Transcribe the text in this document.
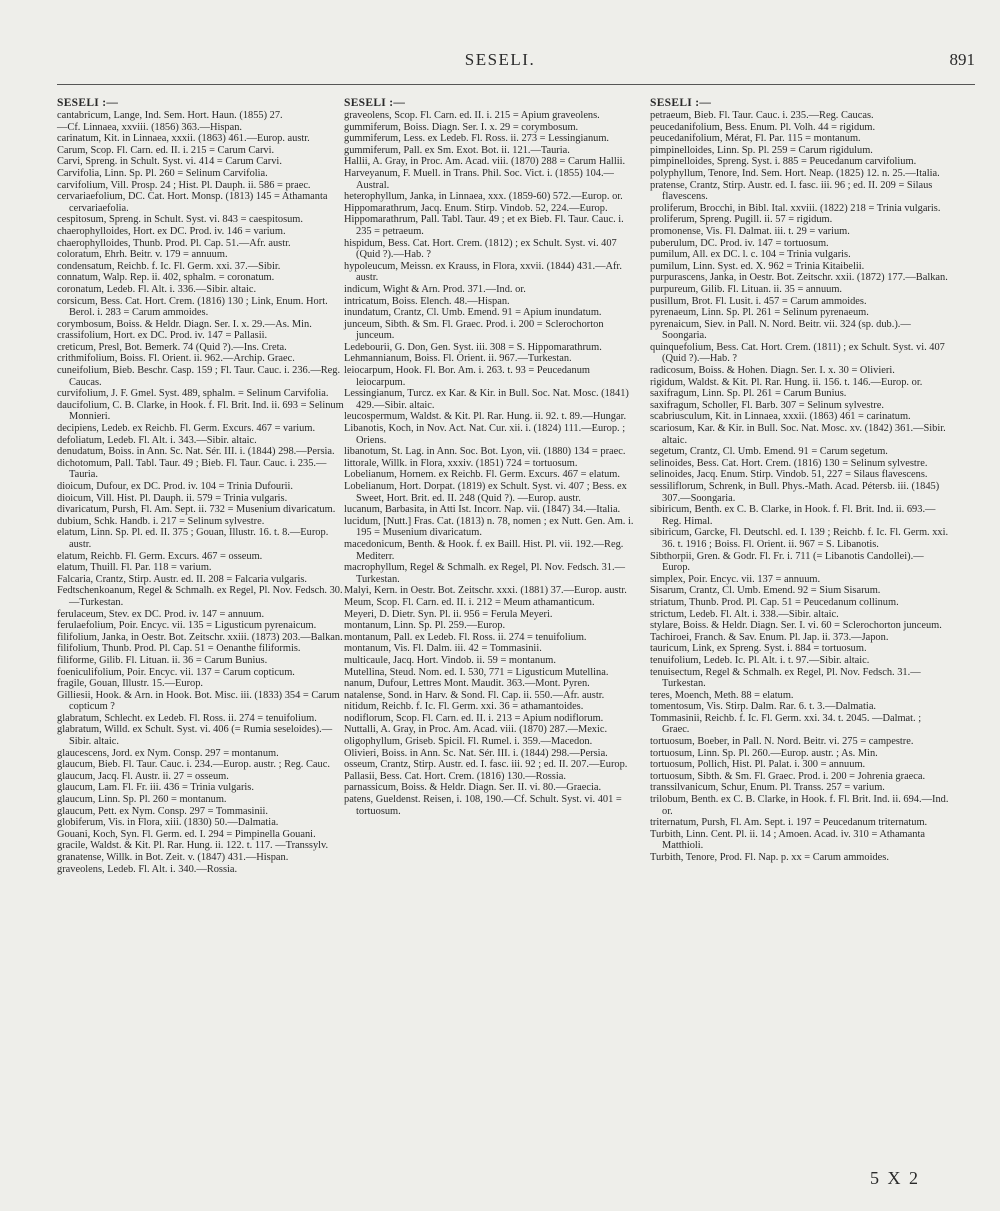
SESELI.	891
SESELI :—

cantabricum, Lange, Ind. Sem. Hort. Haun. (1855) 27.

—Cf. Linnaea, xxviii. (1856) 363.—Hispan.

carinatum, Kit. in Linnaea, xxxii. (1863) 461.—Europ. austr.

Carum, Scop. Fl. Carn. ed. II. i. 215 = Carum Carvi.

Carvi, Spreng. in Schult. Syst. vi. 414 = Carum Carvi.

Carvifolia, Linn. Sp. Pl. 260 = Selinum Carvifolia.

carvifolium, Vill. Prosp. 24 ; Hist. Pl. Dauph. ii. 586 = praec.

cervariaefolium, DC. Cat. Hort. Monsp. (1813) 145 = Athamanta cervariaefolia.

cespitosum, Spreng. in Schult. Syst. vi. 843 = caespitosum.

chaerophylloides, Hort. ex DC. Prod. iv. 146 = varium.

chaerophylloides, Thunb. Prod. Pl. Cap. 51.—Afr. austr.

coloratum, Ehrh. Beitr. v. 179 = annuum.

condensatum, Reichb. f. Ic. Fl. Germ. xxi. 37.—Sibir.

connatum, Walp. Rep. ii. 402, sphalm. = coronatum.

coronatum, Ledeb. Fl. Alt. i. 336.—Sibir. altaic.

corsicum, Bess. Cat. Hort. Crem. (1816) 130 ; Link, Enum. Hort. Berol. i. 283 = Carum ammoides.

corymbosum, Boiss. & Heldr. Diagn. Ser. I. x. 29.—As. Min.

crassifolium, Hort. ex DC. Prod. iv. 147 = Pallasii.

creticum, Presl, Bot. Bemerk. 74 (Quid ?).—Ins. Creta.

crithmifolium, Boiss. Fl. Orient. ii. 962.—Archip. Graec.

cuneifolium, Bieb. Beschr. Casp. 159 ; Fl. Taur. Cauc. i. 236.—Reg. Caucas.

curvifolium, J. F. Gmel. Syst. 489, sphalm. = Selinum Carvifolia.

daucifolium, C. B. Clarke, in Hook. f. Fl. Brit. Ind. ii. 693 = Selinum Monnieri.

decipiens, Ledeb. ex Reichb. Fl. Germ. Excurs. 467 = varium.

defoliatum, Ledeb. Fl. Alt. i. 343.—Sibir. altaic.

denudatum, Boiss. in Ann. Sc. Nat. Sér. III. i. (1844) 298.—Persia.

dichotomum, Pall. Tabl. Taur. 49 ; Bieb. Fl. Taur. Cauc. i. 235.—Tauria.

dioicum, Dufour, ex DC. Prod. iv. 104 = Trinia Dufourii.

dioicum, Vill. Hist. Pl. Dauph. ii. 579 = Trinia vulgaris.

divaricatum, Pursh, Fl. Am. Sept. ii. 732 = Musenium divaricatum.

dubium, Schk. Handb. i. 217 = Selinum sylvestre.

elatum, Linn. Sp. Pl. ed. II. 375 ; Gouan, Illustr. 16. t. 8.—Europ. austr.

elatum, Reichb. Fl. Germ. Excurs. 467 = osseum.

elatum, Thuill. Fl. Par. 118 = varium.

Falcaria, Crantz, Stirp. Austr. ed. II. 208 = Falcaria vulgaris.

Fedtschenkoanum, Regel & Schmalh. ex Regel, Pl. Nov. Fedsch. 30.—Turkestan.

ferulaceum, Stev. ex DC. Prod. iv. 147 = annuum.

ferulaefolium, Poir. Encyc. vii. 135 = Ligusticum pyrenaicum.

filifolium, Janka, in Oestr. Bot. Zeitschr. xxiii. (1873) 203.—Balkan.

filifolium, Thunb. Prod. Pl. Cap. 51 = Oenanthe filiformis.

filiforme, Gilib. Fl. Lituan. ii. 36 = Carum Bunius.

foeniculifolium, Poir. Encyc. vii. 137 = Carum copticum.

fragile, Gouan, Illustr. 15.—Europ.

Gilliesii, Hook. & Arn. in Hook. Bot. Misc. iii. (1833) 354 = Carum copticum ?

glabratum, Schlecht. ex Ledeb. Fl. Ross. ii. 274 = tenuifolium.

glabratum, Willd. ex Schult. Syst. vi. 406 (= Rumia seseloides).—Sibir. altaic.

glaucescens, Jord. ex Nym. Consp. 297 = montanum.

glaucum, Bieb. Fl. Taur. Cauc. i. 234.—Europ. austr. ; Reg. Cauc.

glaucum, Jacq. Fl. Austr. ii. 27 = osseum.

glaucum, Lam. Fl. Fr. iii. 436 = Trinia vulgaris.

glaucum, Linn. Sp. Pl. 260 = montanum.

glaucum, Pett. ex Nym. Consp. 297 = Tommasinii.

globiferum, Vis. in Flora, xiii. (1830) 50.—Dalmatia.

Gouani, Koch, Syn. Fl. Germ. ed. I. 294 = Pimpinella Gouani.

gracile, Waldst. & Kit. Pl. Rar. Hung. ii. 122. t. 117. —Transsylv.

granatense, Willk. in Bot. Zeit. v. (1847) 431.—Hispan.

graveolens, Ledeb. Fl. Alt. i. 340.—Rossia.

SESELI :—

graveolens, Scop. Fl. Carn. ed. II. i. 215 = Apium graveolens.

gummiferum, Boiss. Diagn. Ser. I. x. 29 = corymbosum.

gummiferum, Less. ex Ledeb. Fl. Ross. ii. 273 = Lessingianum.

gummiferum, Pall. ex Sm. Exot. Bot. ii. 121.—Tauria.

Hallii, A. Gray, in Proc. Am. Acad. viii. (1870) 288 = Carum Hallii.

Harveyanum, F. Muell. in Trans. Phil. Soc. Vict. i. (1855) 104.—Austral.

heterophyllum, Janka, in Linnaea, xxx. (1859-60) 572.—Europ. or.

Hippomarathrum, Jacq. Enum. Stirp. Vindob. 52, 224.—Europ.

Hippomarathrum, Pall. Tabl. Taur. 49 ; et ex Bieb. Fl. Taur. Cauc. i. 235 = petraeum.

hispidum, Bess. Cat. Hort. Crem. (1812) ; ex Schult. Syst. vi. 407 (Quid ?).—Hab. ?

hypoleucum, Meissn. ex Krauss, in Flora, xxvii. (1844) 431.—Afr. austr.

indicum, Wight & Arn. Prod. 371.—Ind. or.

intricatum, Boiss. Elench. 48.—Hispan.

inundatum, Crantz, Cl. Umb. Emend. 91 = Apium inundatum.

junceum, Sibth. & Sm. Fl. Graec. Prod. i. 200 = Sclerochorton junceum.

Ledebourii, G. Don, Gen. Syst. iii. 308 = S. Hippomarathrum.

Lehmannianum, Boiss. Fl. Orient. ii. 967.—Turkestan.

leiocarpum, Hook. Fl. Bor. Am. i. 263. t. 93 = Peucedanum leiocarpum.

Lessingianum, Turcz. ex Kar. & Kir. in Bull. Soc. Nat. Mosc. (1841) 429.—Sibir. altaic.

leucospermum, Waldst. & Kit. Pl. Rar. Hung. ii. 92. t. 89.—Hungar.

Libanotis, Koch, in Nov. Act. Nat. Cur. xii. i. (1824) 111.—Europ. ; Oriens.

libanotum, St. Lag. in Ann. Soc. Bot. Lyon, vii. (1880) 134 = praec.

littorale, Willk. in Flora, xxxiv. (1851) 724 = tortuosum.

Lobelianum, Hornem. ex Reichb. Fl. Germ. Excurs. 467 = elatum.

Lobelianum, Hort. Dorpat. (1819) ex Schult. Syst. vi. 407 ; Bess. ex Sweet, Hort. Brit. ed. II. 248 (Quid ?). —Europ. austr.

lucanum, Barbasita, in Atti Ist. Incorr. Nap. vii. (1847) 34.—Italia.

lucidum, [Nutt.] Fras. Cat. (1813) n. 78, nomen ; ex Nutt. Gen. Am. i. 195 = Musenium divaricatum.

macedonicum, Benth. & Hook. f. ex Baill. Hist. Pl. vii. 192.—Reg. Mediterr.

macrophyllum, Regel & Schmalh. ex Regel, Pl. Nov. Fedsch. 31.—Turkestan.

Malyi, Kern. in Oestr. Bot. Zeitschr. xxxi. (1881) 37.—Europ. austr.

Meum, Scop. Fl. Carn. ed. II. i. 212 = Meum athamanticum.

Meyeri, D. Dietr. Syn. Pl. ii. 956 = Ferula Meyeri.

montanum, Linn. Sp. Pl. 259.—Europ.

montanum, Pall. ex Ledeb. Fl. Ross. ii. 274 = tenuifolium.

montanum, Vis. Fl. Dalm. iii. 42 = Tommasinii.

multicaule, Jacq. Hort. Vindob. ii. 59 = montanum.

Mutellina, Steud. Nom. ed. I. 530, 771 = Ligusticum Mutellina.

nanum, Dufour, Lettres Mont. Maudit. 363.—Mont. Pyren.

natalense, Sond. in Harv. & Sond. Fl. Cap. ii. 550.—Afr. austr.

nitidum, Reichb. f. Ic. Fl. Germ. xxi. 36 = athamantoides.

nodiflorum, Scop. Fl. Carn. ed. II. i. 213 = Apium nodiflorum.

Nuttalli, A. Gray, in Proc. Am. Acad. viii. (1870) 287.—Mexic.

oligophyllum, Griseb. Spicil. Fl. Rumel. i. 359.—Macedon.

Olivieri, Boiss. in Ann. Sc. Nat. Sér. III. i. (1844) 298.—Persia.

osseum, Crantz, Stirp. Austr. ed. I. fasc. iii. 92 ; ed. II. 207.—Europ.

Pallasii, Bess. Cat. Hort. Crem. (1816) 130.—Rossia.

parnassicum, Boiss. & Heldr. Diagn. Ser. II. vi. 80.—Graecia.

patens, Gueldenst. Reisen, i. 108, 190.—Cf. Schult. Syst. vi. 401 = tortuosum.

SESELI :—

petraeum, Bieb. Fl. Taur. Cauc. i. 235.—Reg. Caucas.

peucedanifolium, Bess. Enum. Pl. Volh. 44 = rigidum.

peucedanifolium, Mérat, Fl. Par. 115 = montanum.

pimpinelloides, Linn. Sp. Pl. 259 = Carum rigidulum.

pimpinelloides, Spreng. Syst. i. 885 = Peucedanum carvifolium.

polyphyllum, Tenore, Ind. Sem. Hort. Neap. (1825) 12. n. 25.—Italia.

pratense, Crantz, Stirp. Austr. ed. I. fasc. iii. 96 ; ed. II. 209 = Silaus flavescens.

proliferum, Brocchi, in Bibl. Ital. xxviii. (1822) 218 = Trinia vulgaris.

proliferum, Spreng. Pugill. ii. 57 = rigidum.

promonense, Vis. Fl. Dalmat. iii. t. 29 = varium.

puberulum, DC. Prod. iv. 147 = tortuosum.

pumilum, All. ex DC. l. c. 104 = Trinia vulgaris.

pumilum, Linn. Syst. ed. X. 962 = Trinia Kitaibelii.

purpurascens, Janka, in Oestr. Bot. Zeitschr. xxii. (1872) 177.—Balkan.

purpureum, Gilib. Fl. Lituan. ii. 35 = annuum.

pusillum, Brot. Fl. Lusit. i. 457 = Carum ammoides.

pyrenaeum, Linn. Sp. Pl. 261 = Selinum pyrenaeum.

pyrenaicum, Siev. in Pall. N. Nord. Beitr. vii. 324 (sp. dub.).—Soongaria.

quinquefolium, Bess. Cat. Hort. Crem. (1811) ; ex Schult. Syst. vi. 407 (Quid ?).—Hab. ?

radicosum, Boiss. & Hohen. Diagn. Ser. I. x. 30 = Olivieri.

rigidum, Waldst. & Kit. Pl. Rar. Hung. ii. 156. t. 146.—Europ. or.

saxifragum, Linn. Sp. Pl. 261 = Carum Bunius.

saxifragum, Scholler, Fl. Barb. 307 = Selinum sylvestre.

scabriusculum, Kit. in Linnaea, xxxii. (1863) 461 = carinatum.

scariosum, Kar. & Kir. in Bull. Soc. Nat. Mosc. xv. (1842) 361.—Sibir. altaic.

segetum, Crantz, Cl. Umb. Emend. 91 = Carum segetum.

selinoides, Bess. Cat. Hort. Crem. (1816) 130 = Selinum sylvestre.

selinoides, Jacq. Enum. Stirp. Vindob. 51, 227 = Silaus flavescens.

sessiliflorum, Schrenk, in Bull. Phys.-Math. Acad. Pétersb. iii. (1845) 307.—Soongaria.

sibiricum, Benth. ex C. B. Clarke, in Hook. f. Fl. Brit. Ind. ii. 693.—Reg. Himal.

sibiricum, Garcke, Fl. Deutschl. ed. I. 139 ; Reichb. f. Ic. Fl. Germ. xxi. 36. t. 1916 ; Boiss. Fl. Orient. ii. 967 = S. Libanotis.

Sibthorpii, Gren. & Godr. Fl. Fr. i. 711 (= Libanotis Candollei).—Europ.

simplex, Poir. Encyc. vii. 137 = annuum.

Sisarum, Crantz, Cl. Umb. Emend. 92 = Sium Sisarum.

striatum, Thunb. Prod. Pl. Cap. 51 = Peucedanum collinum.

strictum, Ledeb. Fl. Alt. i. 338.—Sibir. altaic.

stylare, Boiss. & Heldr. Diagn. Ser. I. vi. 60 = Sclerochorton junceum.

Tachiroei, Franch. & Sav. Enum. Pl. Jap. ii. 373.—Japon.

tauricum, Link, ex Spreng. Syst. i. 884 = tortuosum.

tenuifolium, Ledeb. Ic. Pl. Alt. i. t. 97.—Sibir. altaic.

tenuisectum, Regel & Schmalh. ex Regel, Pl. Nov. Fedsch. 31.—Turkestan.

teres, Moench, Meth. 88 = elatum.

tomentosum, Vis. Stirp. Dalm. Rar. 6. t. 3.—Dalmatia.

Tommasinii, Reichb. f. Ic. Fl. Germ. xxi. 34. t. 2045. —Dalmat. ; Graec.

tortuosum, Boeber, in Pall. N. Nord. Beitr. vi. 275 = campestre.

tortuosum, Linn. Sp. Pl. 260.—Europ. austr. ; As. Min.

tortuosum, Pollich, Hist. Pl. Palat. i. 300 = annuum.

tortuosum, Sibth. & Sm. Fl. Graec. Prod. i. 200 = Johrenia graeca.

transsilvanicum, Schur, Enum. Pl. Transs. 257 = varium.

trilobum, Benth. ex C. B. Clarke, in Hook. f. Fl. Brit. Ind. ii. 694.—Ind. or.

triternatum, Pursh, Fl. Am. Sept. i. 197 = Peucedanum triternatum.

Turbith, Linn. Cent. Pl. ii. 14 ; Amoen. Acad. iv. 310 = Athamanta Matthioli.

Turbith, Tenore, Prod. Fl. Nap. p. xx = Carum ammoides.

5 X 2
